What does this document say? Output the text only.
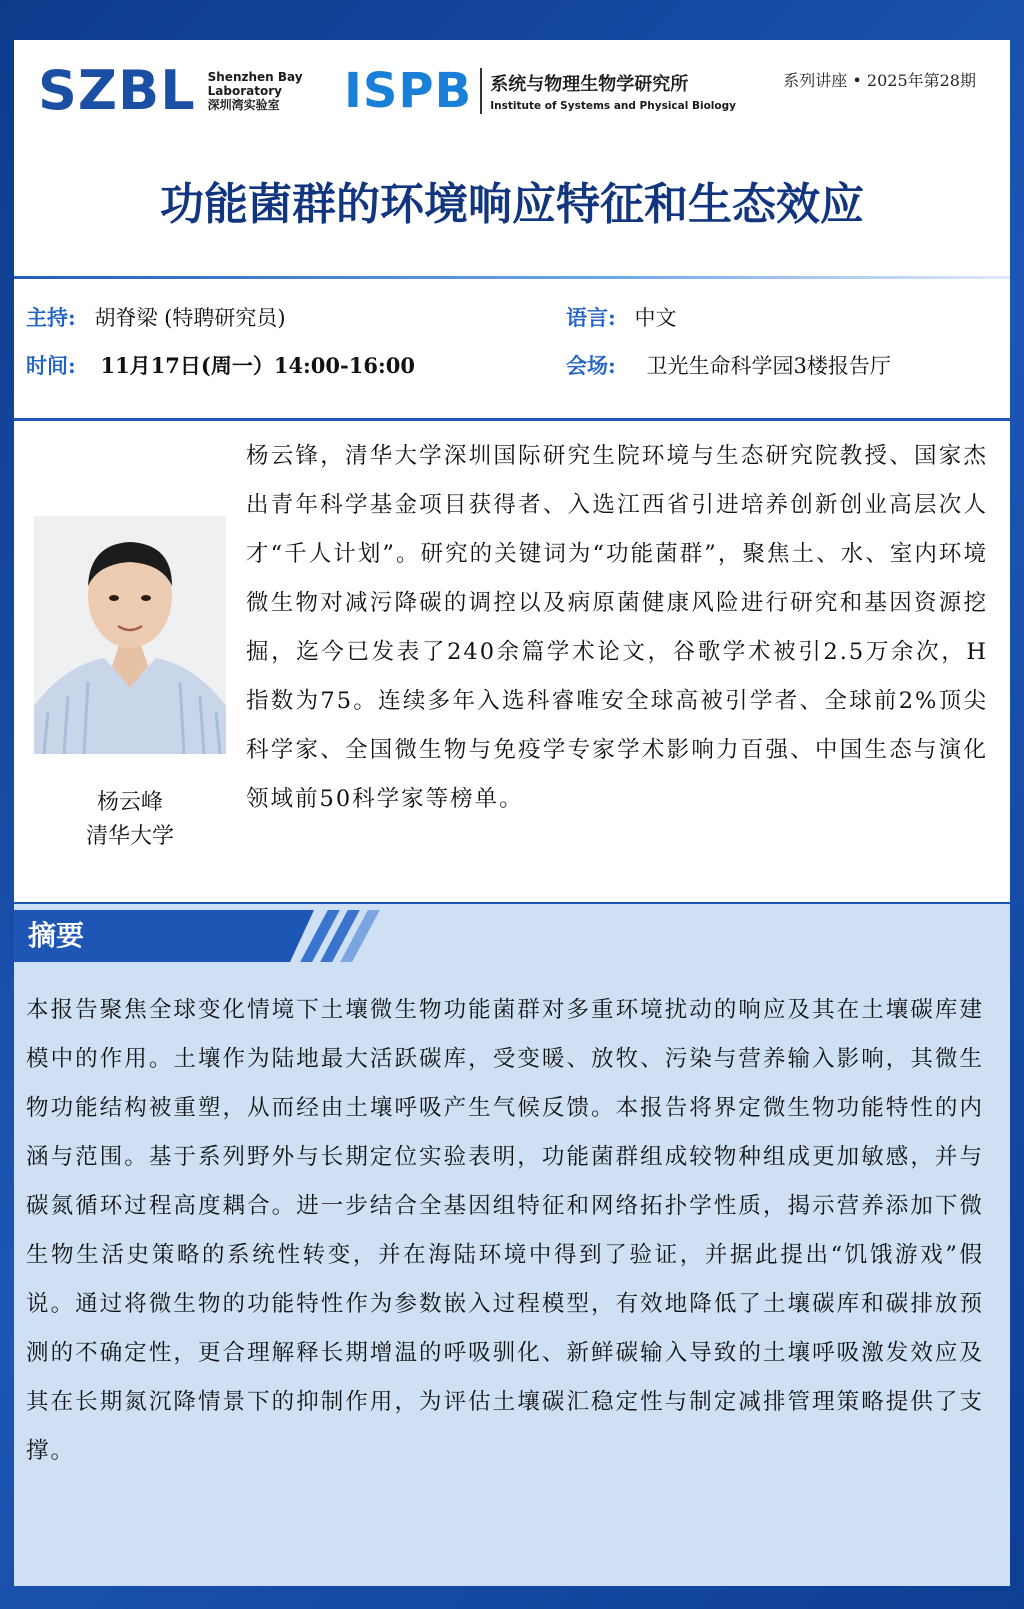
SZBL Shenzhen Bay
Laboratory
深圳湾实验室	ISPB 系统与物理生物学研究所
Institute of Systems and Physical Biology
系列讲座 • 2025年第28期
功能菌群的环境响应特征和生态效应
主持: 胡脊梁 (特聘研究员)	语言: 中文
时间: 11月17日(周一）14:00-16:00	会场: 卫光生命科学园3楼报告厅
杨云峰
清华大学
杨云锋，清华大学深圳国际研究生院环境与生态研究院教授、国家杰出青年科学基金项目获得者、入选江西省引进培养创新创业高层次人才“千人计划”。研究的关键词为“功能菌群”，聚焦土、水、室内环境微生物对减污降碳的调控以及病原菌健康风险进行研究和基因资源挖掘，迄今已发表了240余篇学术论文，谷歌学术被引2.5万余次，H 指数为75。连续多年入选科睿唯安全球高被引学者、全球前2%顶尖科学家、全国微生物与免疫学专家学术影响力百强、中国生态与演化领域前50科学家等榜单。
摘要
本报告聚焦全球变化情境下土壤微生物功能菌群对多重环境扰动的响应及其在土壤碳库建模中的作用。土壤作为陆地最大活跃碳库，受变暖、放牧、污染与营养输入影响，其微生物功能结构被重塑，从而经由土壤呼吸产生气候反馈。本报告将界定微生物功能特性的内涵与范围。基于系列野外与长期定位实验表明，功能菌群组成较物种组成更加敏感，并与碳氮循环过程高度耦合。进一步结合全基因组特征和网络拓扑学性质，揭示营养添加下微生物生活史策略的系统性转变，并在海陆环境中得到了验证，并据此提出“饥饿游戏”假说。通过将微生物的功能特性作为参数嵌入过程模型，有效地降低了土壤碳库和碳排放预测的不确定性，更合理解释长期增温的呼吸驯化、新鲜碳输入导致的土壤呼吸激发效应及其在长期氮沉降情景下的抑制作用，为评估土壤碳汇稳定性与制定减排管理策略提供了支撑。
